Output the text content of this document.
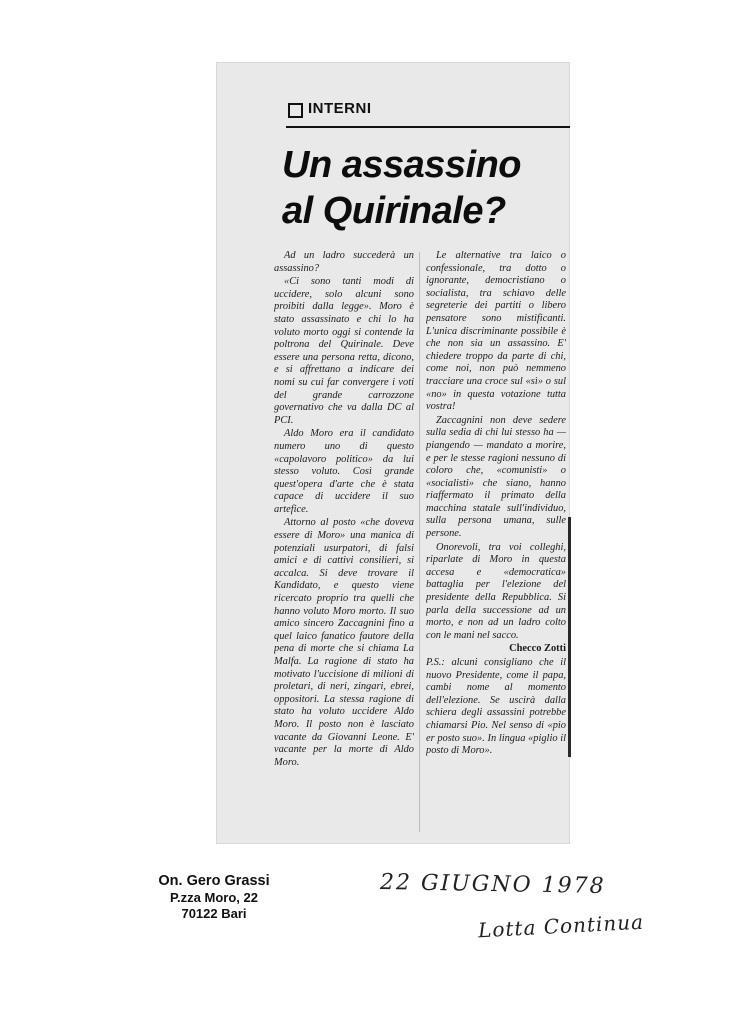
INTERNI
Un assassino
al Quirinale?

Ad un ladro succederà un assassino?

«Ci sono tanti modi di uccidere, solo alcuni sono proibiti dalla legge». Moro è stato assassinato e chi lo ha voluto morto oggi si contende la poltrona del Quirinale. Deve essere una persona retta, dicono, e si affrettano a indicare dei nomi su cui far convergere i voti del grande carrozzone governativo che va dalla DC al PCI.

Aldo Moro era il candidato numero uno di questo «capolavoro politico» da lui stesso voluto. Così grande quest'opera d'arte che è stata capace di uccidere il suo artefice.

Attorno al posto «che doveva essere di Moro» una manica di potenziali usurpatori, di falsi amici e di cattivi consilieri, si accalca. Si deve trovare il Kandidato, e questo viene ricercato proprio tra quelli che hanno voluto Moro morto. Il suo amico sincero Zaccagnini fino a quel laico fanatico fautore della pena di morte che si chiama La Malfa. La ragione di stato ha motivato l'uccisione di milioni di proletari, di neri, zingari, ebrei, oppositori. La stessa ragione di stato ha voluto uccidere Aldo Moro. Il posto non è lasciato vacante da Giovanni Leone. E' vacante per la morte di Aldo Moro.

Le alternative tra laico o confessionale, tra dotto o ignorante, democristiano o socialista, tra schiavo delle segreterie dei partiti o libero pensatore sono mistificanti. L'unica discriminante possibile è che non sia un assassino. E' chiedere troppo da parte di chi, come noi, non può nemmeno tracciare una croce sul «sì» o sul «no» in questa votazione tutta vostra!

Zaccagnini non deve sedere sulla sedia di chi lui stesso ha — piangendo — mandato a morire, e per le stesse ragioni nessuno di coloro che, «comunisti» o «socialisti» che siano, hanno riaffermato il primato della macchina statale sull'individuo, sulla persona umana, sulle persone.

Onorevoli, tra voi colleghi, riparlate di Moro in questa accesa e «democratica» battaglia per l'elezione del presidente della Repubblica. Si parla della successione ad un morto, e non ad un ladro colto con le mani nel sacco.

Checco Zotti

P.S.: alcuni consigliano che il nuovo Presidente, come il papa, cambi nome al momento dell'elezione. Se uscirà dalla schiera degli assassini potrebbe chiamarsi Pio. Nel senso di «pio er posto suo». In lingua «piglio il posto di Moro».

On. Gero Grassi
P.zza Moro, 22
70122 Bari
22 GIUGNO 1978
Lotta Continua
